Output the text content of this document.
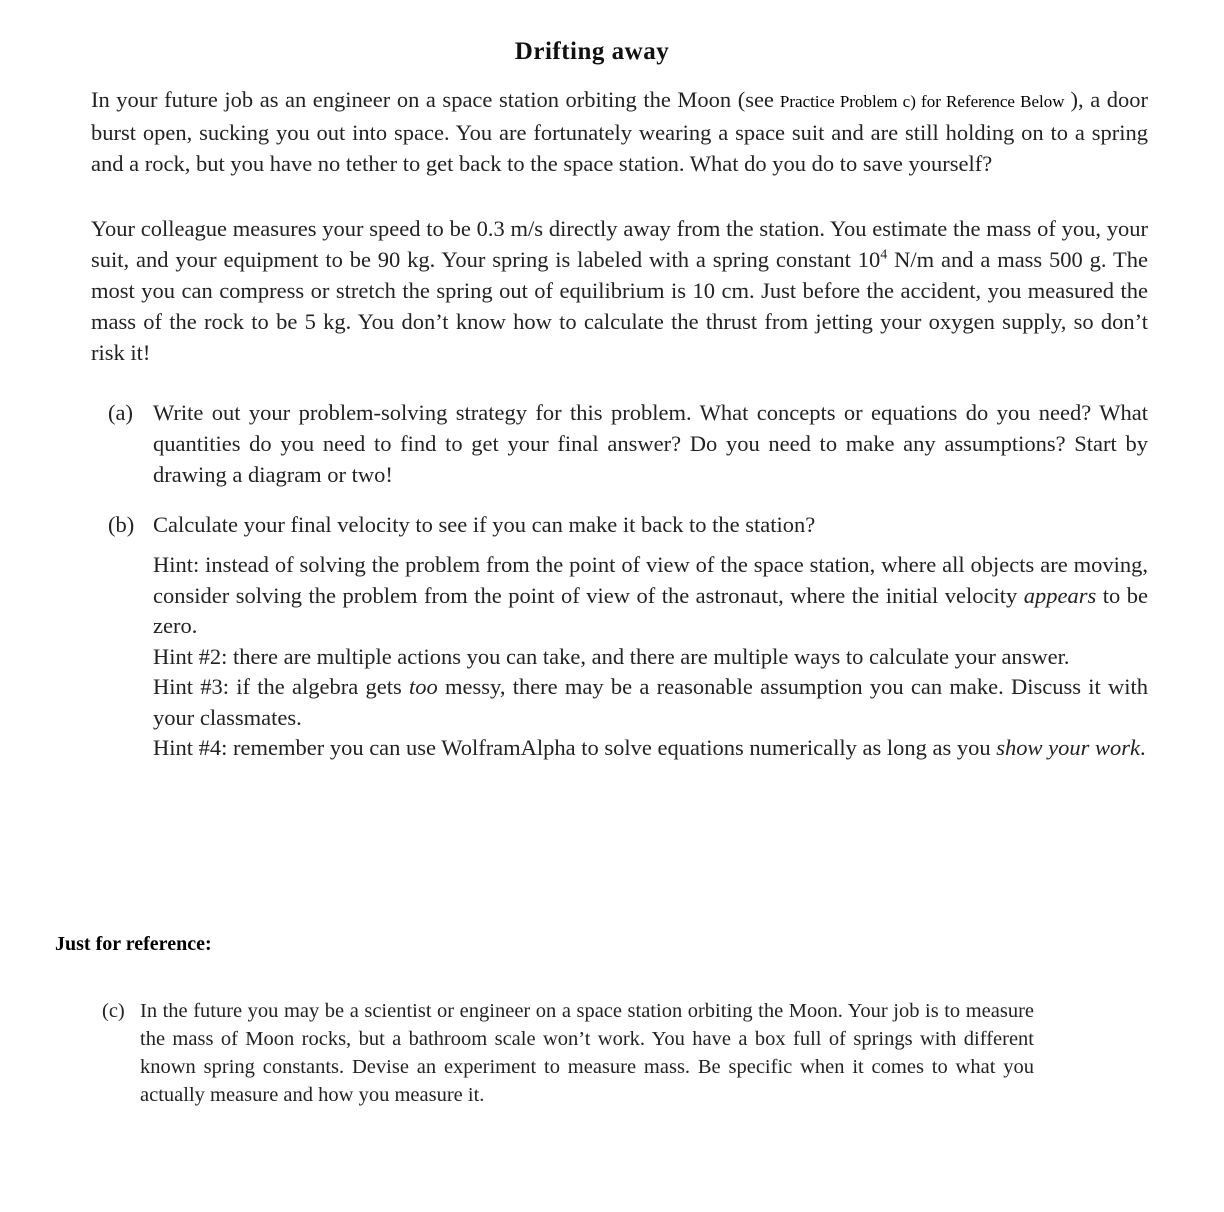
Drifting away

In your future job as an engineer on a space station orbiting the Moon (see Practice Problem c) for Reference Below ), a door burst open, sucking you out into space. You are fortunately wearing a space suit and are still holding on to a spring and a rock, but you have no tether to get back to the space station. What do you do to save yourself?

Your colleague measures your speed to be 0.3 m/s directly away from the station. You estimate the mass of you, your suit, and your equipment to be 90 kg. Your spring is labeled with a spring constant $10^4$ N/m and a mass 500 g. The most you can compress or stretch the spring out of equilibrium is 10 cm. Just before the accident, you measured the mass of the rock to be 5 kg. You don’t know how to calculate the thrust from jetting your oxygen supply, so don’t risk it!

(a) Write out your problem-solving strategy for this problem. What concepts or equations do you need? What quantities do you need to find to get your final answer? Do you need to make any assumptions? Start by drawing a diagram or two!
(b) Calculate your final velocity to see if you can make it back to the station?

Hint: instead of solving the problem from the point of view of the space station, where all objects are moving, consider solving the problem from the point of view of the astronaut, where the initial velocity appears to be zero.

Hint #2: there are multiple actions you can take, and there are multiple ways to calculate your answer.

Hint #3: if the algebra gets too messy, there may be a reasonable assumption you can make. Discuss it with your classmates.

Hint #4: remember you can use WolframAlpha to solve equations numerically as long as you show your work.

Just for reference:
(c) In the future you may be a scientist or engineer on a space station orbiting the Moon. Your job is to measure the mass of Moon rocks, but a bathroom scale won’t work. You have a box full of springs with different known spring constants. Devise an experiment to measure mass. Be specific when it comes to what you actually measure and how you measure it.
